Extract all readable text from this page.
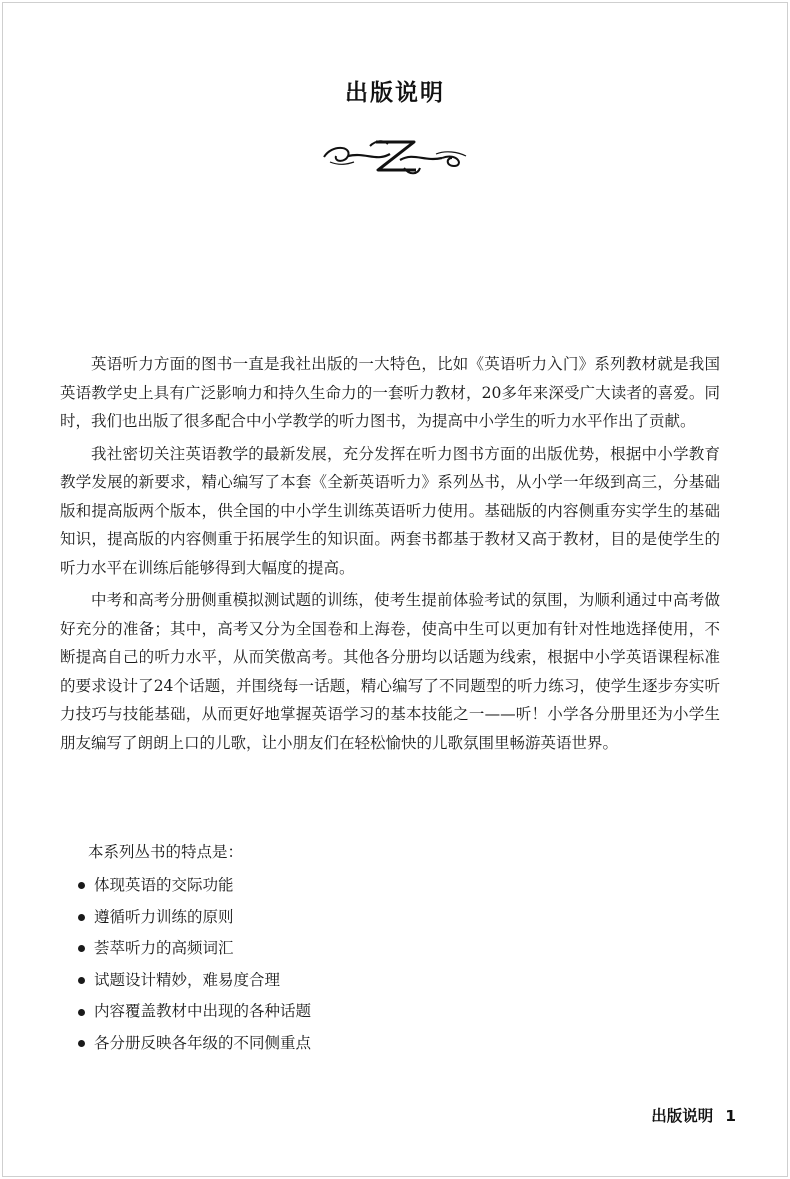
出版说明

英语听力方面的图书一直是我社出版的一大特色，比如《英语听力入门》系列教材就是我国英语教学史上具有广泛影响力和持久生命力的一套听力教材，20多年来深受广大读者的喜爱。同时，我们也出版了很多配合中小学教学的听力图书，为提高中小学生的听力水平作出了贡献。

我社密切关注英语教学的最新发展，充分发挥在听力图书方面的出版优势，根据中小学教育教学发展的新要求，精心编写了本套《全新英语听力》系列丛书，从小学一年级到高三，分基础版和提高版两个版本，供全国的中小学生训练英语听力使用。基础版的内容侧重夯实学生的基础知识，提高版的内容侧重于拓展学生的知识面。两套书都基于教材又高于教材，目的是使学生的听力水平在训练后能够得到大幅度的提高。

中考和高考分册侧重模拟测试题的训练，使考生提前体验考试的氛围，为顺利通过中高考做好充分的准备；其中，高考又分为全国卷和上海卷，使高中生可以更加有针对性地选择使用，不断提高自己的听力水平，从而笑傲高考。其他各分册均以话题为线索，根据中小学英语课程标准的要求设计了24个话题，并围绕每一话题，精心编写了不同题型的听力练习，使学生逐步夯实听力技巧与技能基础，从而更好地掌握英语学习的基本技能之一——听！小学各分册里还为小学生朋友编写了朗朗上口的儿歌，让小朋友们在轻松愉快的儿歌氛围里畅游英语世界。

本系列丛书的特点是：
体现英语的交际功能
遵循听力训练的原则
荟萃听力的高频词汇
试题设计精妙，难易度合理
内容覆盖教材中出现的各种话题
各分册反映各年级的不同侧重点
出版说明 1
